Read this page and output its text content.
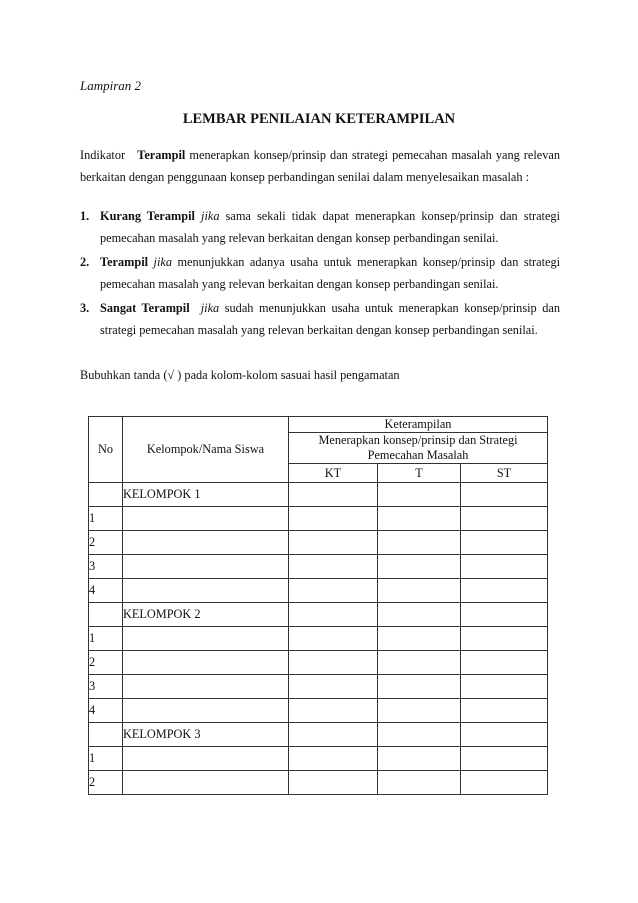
Lampiran 2
LEMBAR PENILAIAN KETERAMPILAN
Indikator Terampil menerapkan konsep/prinsip dan strategi pemecahan masalah yang relevan berkaitan dengan penggunaan konsep perbandingan senilai dalam menyelesaikan masalah :
1. Kurang Terampil jika sama sekali tidak dapat menerapkan konsep/prinsip dan strategi pemecahan masalah yang relevan berkaitan dengan konsep perbandingan senilai.
2. Terampil jika menunjukkan adanya usaha untuk menerapkan konsep/prinsip dan strategi pemecahan masalah yang relevan berkaitan dengan konsep perbandingan senilai.
3. Sangat Terampil jika sudah menunjukkan usaha untuk menerapkan konsep/prinsip dan strategi pemecahan masalah yang relevan berkaitan dengan konsep perbandingan senilai.
Bubuhkan tanda (√ ) pada kolom-kolom sasuai hasil pengamatan
No	Kelompok/Nama Siswa	Keterampilan		
		Menerapkan konsep/prinsip dan Strategi Pemecahan Masalah		
		KT	T	ST
	KELOMPOK 1			
1				
2				
3				
4				
	KELOMPOK 2			
1				
2				
3				
4				
	KELOMPOK 3			
1				
2				
